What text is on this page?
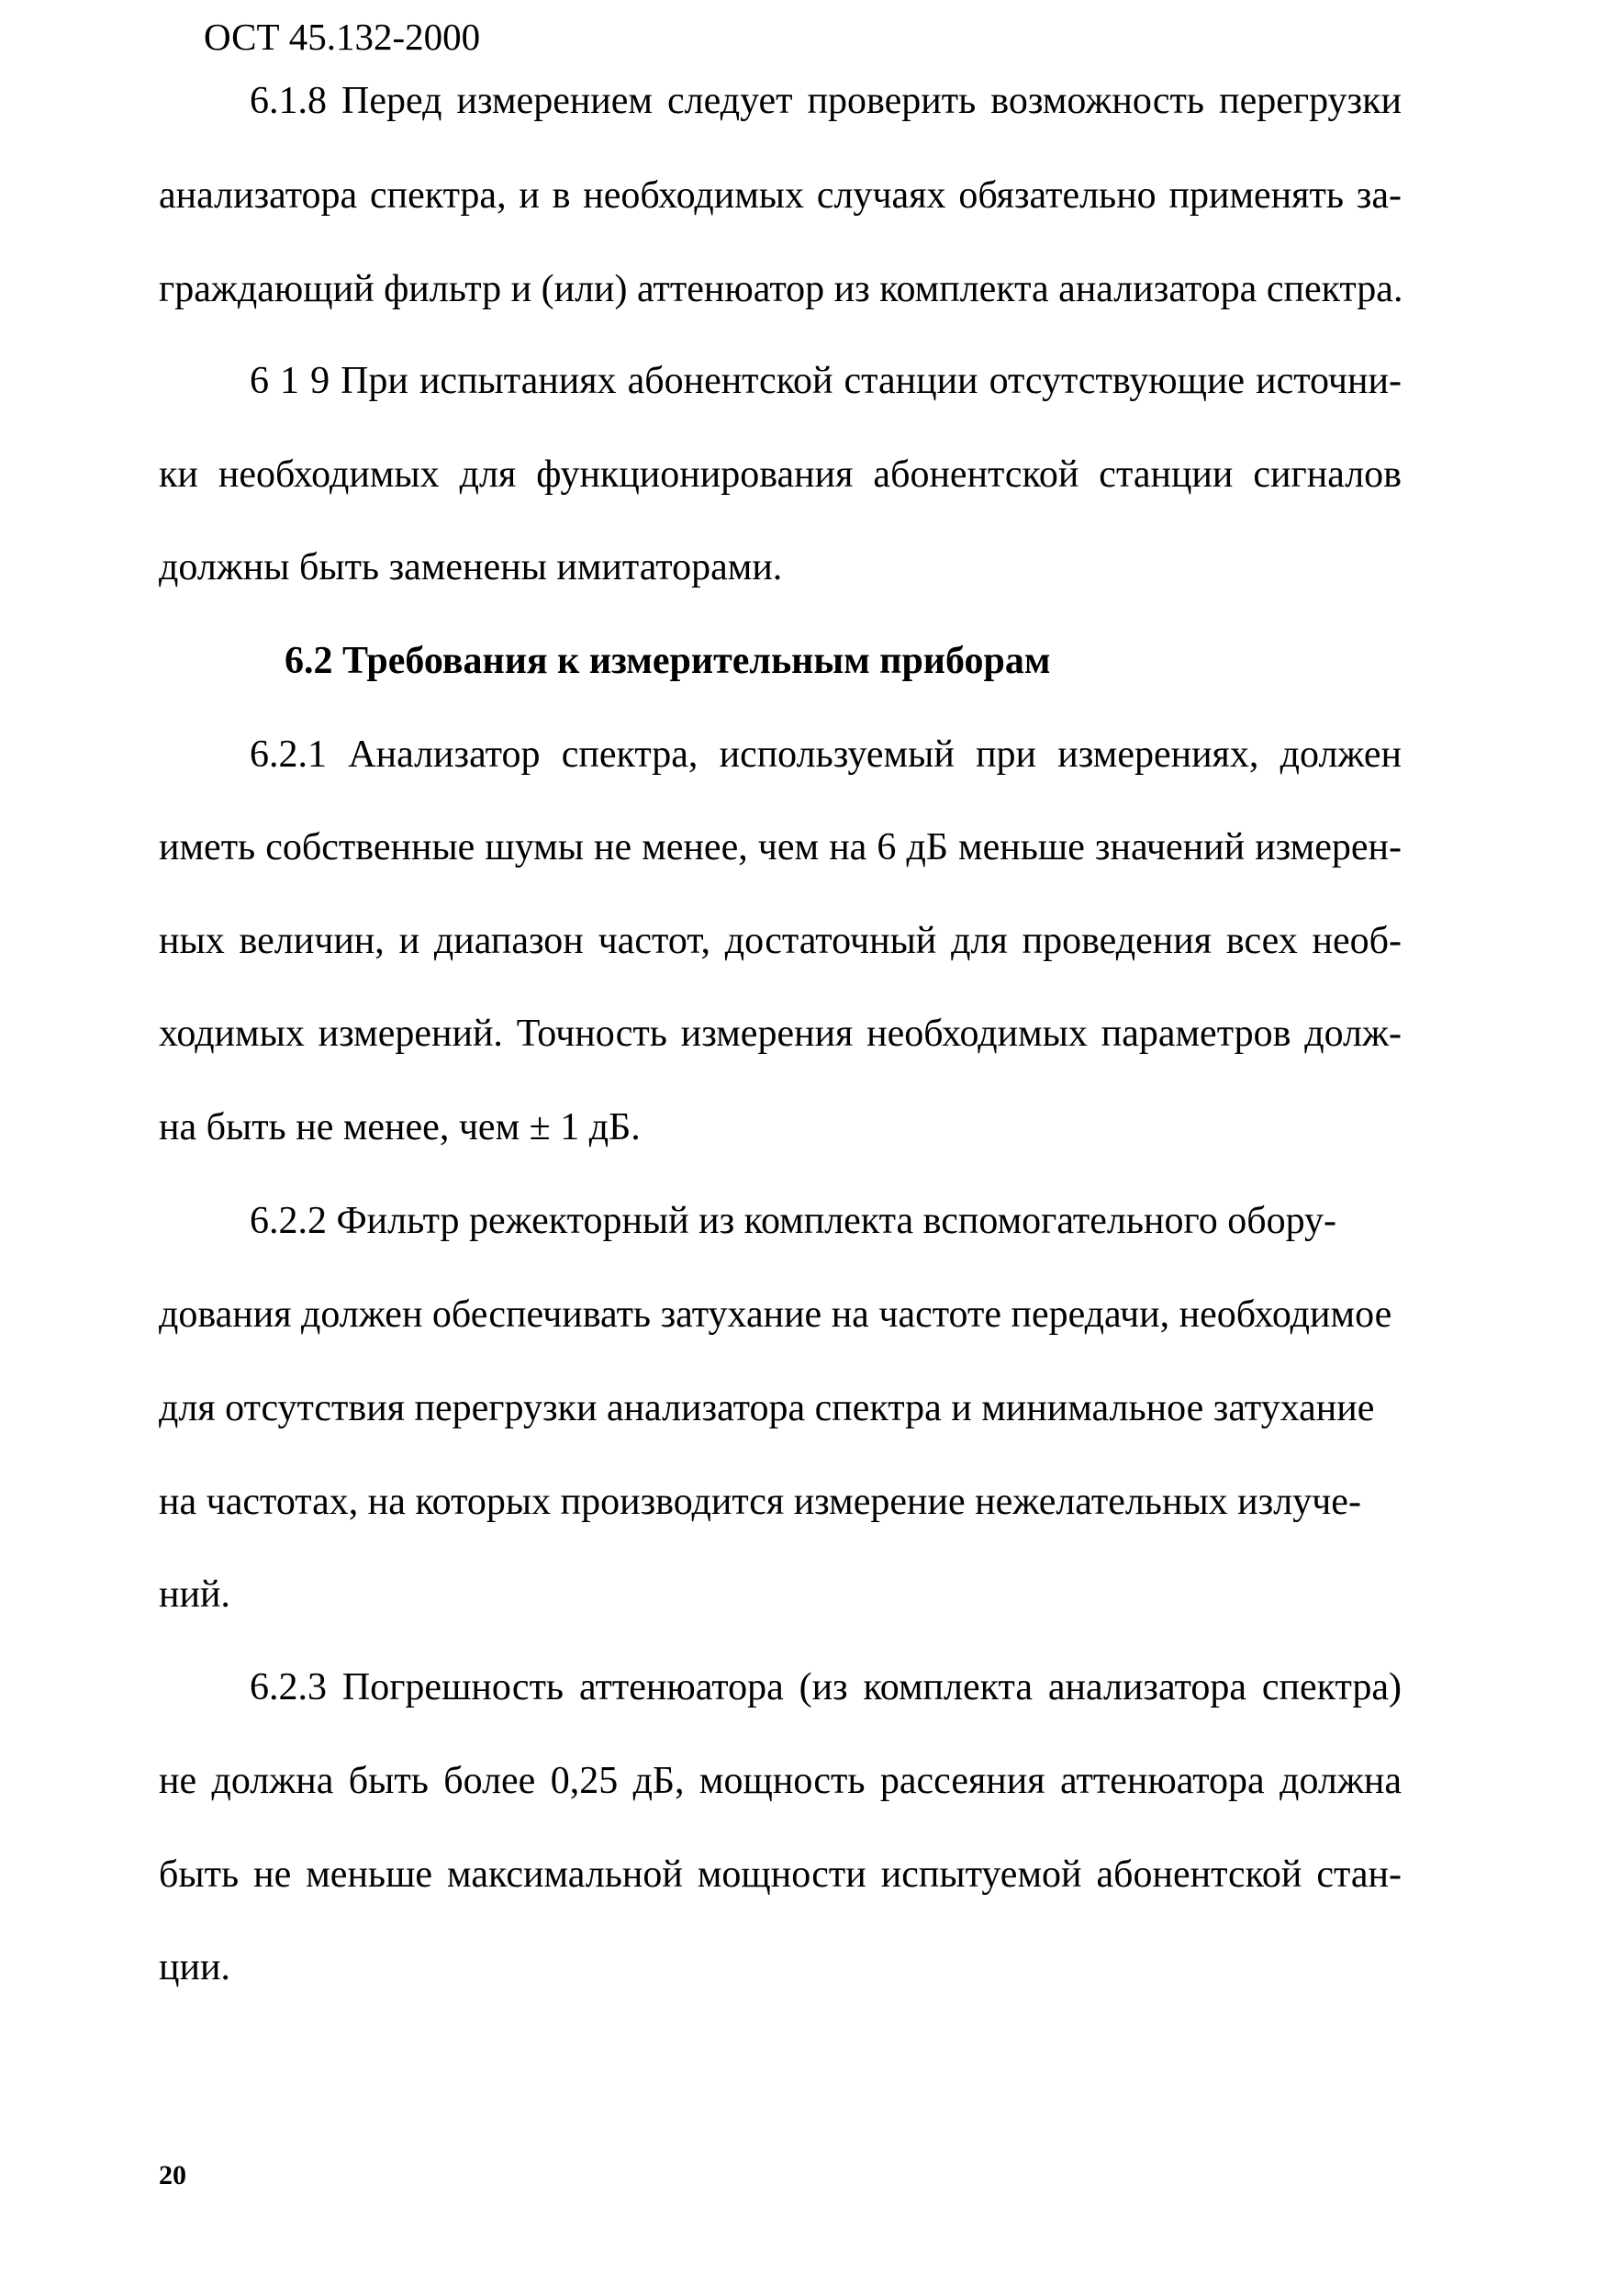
ОСТ 45.132-2000
6.1.8 Перед измерением следует проверить возможность перегрузки
анализатора спектра, и в необходимых случаях обязательно применять за-
граждающий фильтр и (или) аттенюатор из комплекта анализатора спектра.
6 1 9 При испытаниях абонентской станции отсутствующие источни-
ки необходимых для функционирования абонентской станции сигналов
должны быть заменены имитаторами.
6.2 Требования к измерительным приборам
6.2.1 Анализатор спектра, используемый при измерениях, должен
иметь собственные шумы не менее, чем на 6 дБ меньше значений измерен-
ных величин, и диапазон частот, достаточный для проведения всех необ-
ходимых измерений. Точность измерения необходимых параметров долж-
на быть не менее, чем ± 1 дБ.
6.2.2 Фильтр режекторный из комплекта вспомогательного обору-
дования должен обеспечивать затухание на частоте передачи, необходимое
для отсутствия перегрузки анализатора спектра и минимальное затухание
на частотах, на которых производится измерение нежелательных излуче-
ний.
6.2.3 Погрешность аттенюатора (из комплекта анализатора спектра)
не должна быть более 0,25 дБ, мощность рассеяния аттенюатора должна
быть не меньше максимальной мощности испытуемой абонентской стан-
ции.
20
